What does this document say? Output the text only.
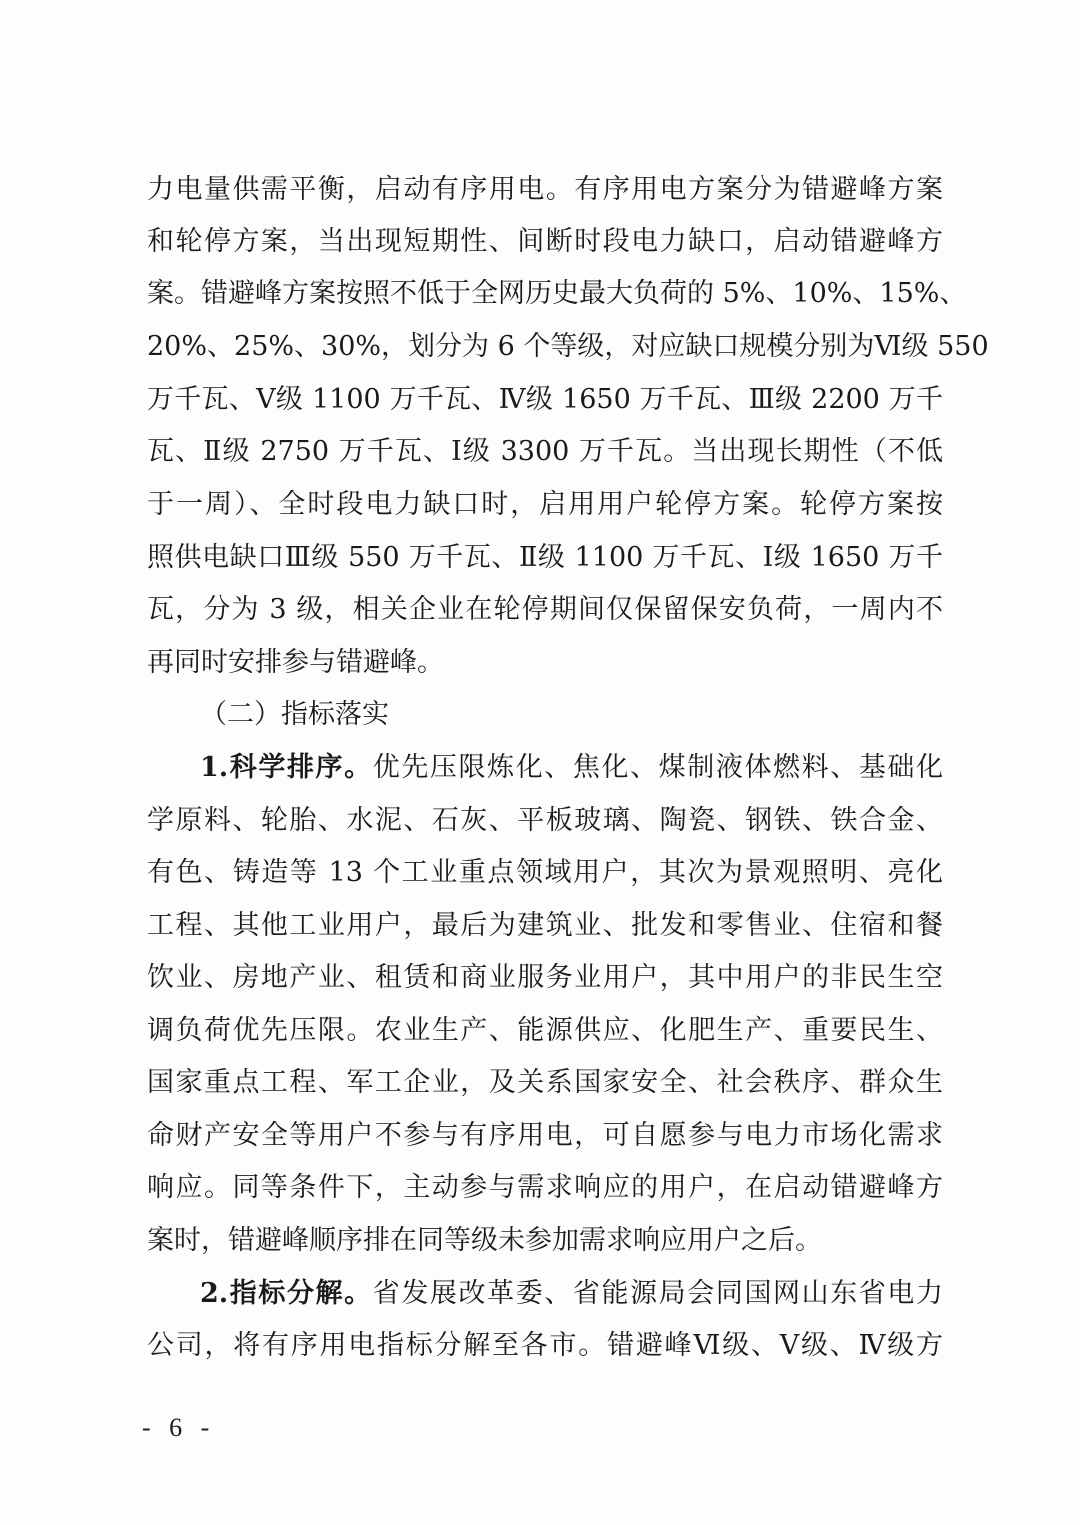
力电量供需平衡，启动有序用电。有序用电方案分为错避峰方案
和轮停方案，当出现短期性、间断时段电力缺口，启动错避峰方
案。错避峰方案按照不低于全网历史最大负荷的 5%、10%、15%、
20%、25%、30%，划分为 6 个等级，对应缺口规模分别为Ⅵ级 550
万千瓦、Ⅴ级 1100 万千瓦、Ⅳ级 1650 万千瓦、Ⅲ级 2200 万千
瓦、Ⅱ级 2750 万千瓦、Ⅰ级 3300 万千瓦。当出现长期性（不低
于一周）、全时段电力缺口时，启用用户轮停方案。轮停方案按
照供电缺口Ⅲ级 550 万千瓦、Ⅱ级 1100 万千瓦、Ⅰ级 1650 万千
瓦，分为 3 级，相关企业在轮停期间仅保留保安负荷，一周内不
再同时安排参与错避峰。
（二）指标落实
1.科学排序。优先压限炼化、焦化、煤制液体燃料、基础化
学原料、轮胎、水泥、石灰、平板玻璃、陶瓷、钢铁、铁合金、
有色、铸造等 13 个工业重点领域用户，其次为景观照明、亮化
工程、其他工业用户，最后为建筑业、批发和零售业、住宿和餐
饮业、房地产业、租赁和商业服务业用户，其中用户的非民生空
调负荷优先压限。农业生产、能源供应、化肥生产、重要民生、
国家重点工程、军工企业，及关系国家安全、社会秩序、群众生
命财产安全等用户不参与有序用电，可自愿参与电力市场化需求
响应。同等条件下，主动参与需求响应的用户，在启动错避峰方
案时，错避峰顺序排在同等级未参加需求响应用户之后。
2.指标分解。省发展改革委、省能源局会同国网山东省电力
公司，将有序用电指标分解至各市。错避峰Ⅵ级、Ⅴ级、Ⅳ级方
- 6 -
